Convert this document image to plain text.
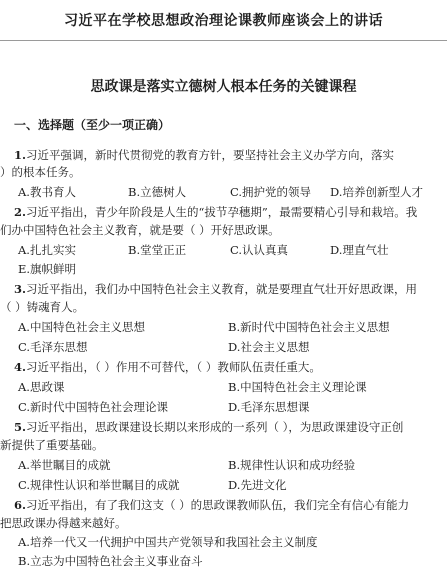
习近平在学校思想政治理论课教师座谈会上的讲话
思政课是落实立德树人根本任务的关键课程
一、选择题（至少一项正确）
1.习近平强调，新时代贯彻党的教育方针，要坚持社会主义办学方向，落实
）的根本任务。
A.教书育人	B.立德树人	C.拥护党的领导 D.培养创新型人才
2.习近平指出，青少年阶段是人生的“拔节孕穗期”，最需要精心引导和栽培。我
们办中国特色社会主义教育，就是要（ ）开好思政课。
A.扎扎实实	B.堂堂正正	C.认认真真	D.理直气壮
E.旗帜鲜明
3.习近平指出，我们办中国特色社会主义教育，就是要理直气壮开好思政课，用
（ ）铸魂育人。
A.中国特色社会主义思想	B.新时代中国特色社会主义思想
C.毛泽东思想	D.社会主义思想
4.习近平指出，（ ）作用不可替代，（ ）教师队伍责任重大。
A.思政课	B.中国特色社会主义理论课
C.新时代中国特色社会理论课	D.毛泽东思想课
5.习近平指出，思政课建设长期以来形成的一系列（ ），为思政课建设守正创
新提供了重要基础。
A.举世瞩目的成就	B.规律性认识和成功经验
C.规律性认识和举世瞩目的成就	D.先进文化
6.习近平指出，有了我们这支（ ）的思政课教师队伍，我们完全有信心有能力
把思政课办得越来越好。
A.培养一代又一代拥护中国共产党领导和我国社会主义制度
B.立志为中国特色社会主义事业奋斗
